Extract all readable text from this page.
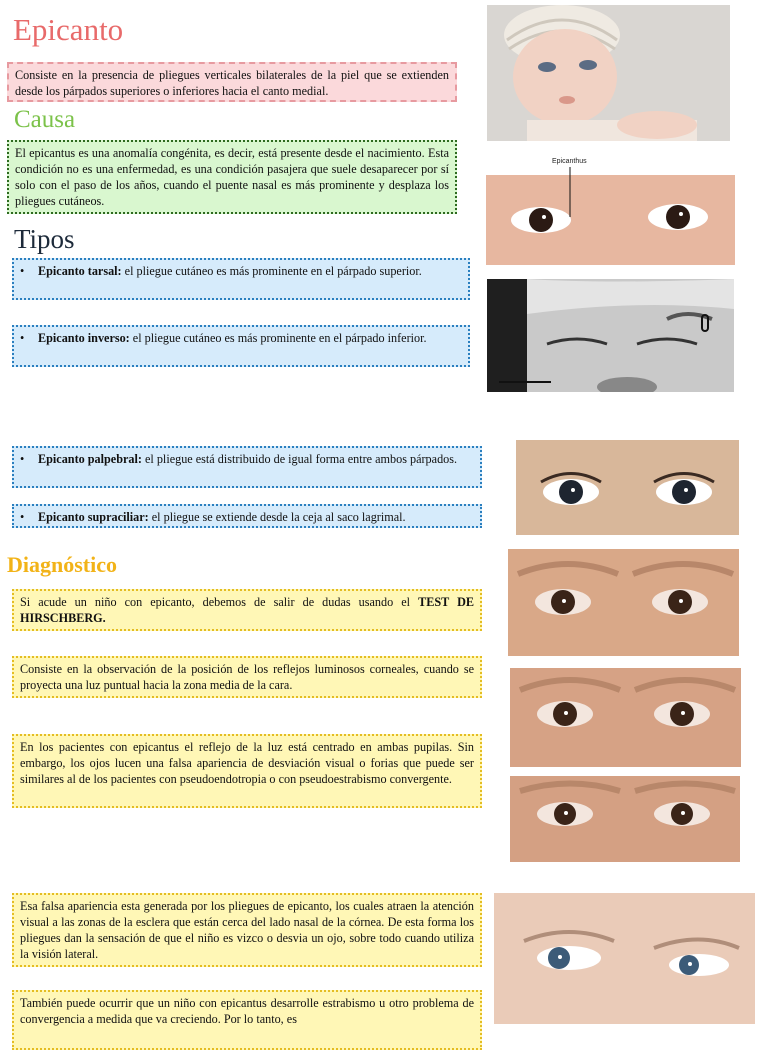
Epicanto
Consiste en la presencia de pliegues verticales bilaterales de la piel que se extienden desde los párpados superiores o inferiores hacia el canto medial.
Causa
El epicantus es una anomalía congénita, es decir, está presente desde el nacimiento. Esta condición no es una enfermedad, es una condición pasajera que suele desaparecer por sí solo con el paso de los años, cuando el puente nasal es más prominente y desplaza los pliegues cutáneos.
Tipos
•	Epicanto tarsal: el pliegue cutáneo es más prominente en el párpado superior.
•	Epicanto inverso: el pliegue cutáneo es más prominente en el párpado inferior.
•	Epicanto palpebral: el pliegue está distribuido de igual forma entre ambos párpados.
•	Epicanto supraciliar: el pliegue se extiende desde la ceja al saco lagrimal.
Diagnóstico
Si acude un niño con epicanto, debemos de salir de dudas usando el TEST DE HIRSCHBERG.
Consiste en la observación de la posición de los reflejos luminosos corneales, cuando se proyecta una luz puntual hacia la zona media de la cara.
En los pacientes con epicantus el reflejo de la luz está centrado en ambas pupilas. Sin embargo, los ojos lucen una falsa apariencia de desviación visual o forias que puede ser similares al de los pacientes con pseudoendotropia o con pseudoestrabismo convergente.
Esa falsa apariencia esta generada por los pliegues de epicanto, los cuales atraen la atención visual a las zonas de la esclera que están cerca del lado nasal de la córnea. De esta forma los pliegues dan la sensación de que el niño es vizco o desvia un ojo, sobre todo cuando utiliza la visión lateral.
También puede ocurrir que un niño con epicantus desarrolle estrabismo u otro problema de convergencia a medida que va creciendo. Por lo tanto, es
Epicanthus
